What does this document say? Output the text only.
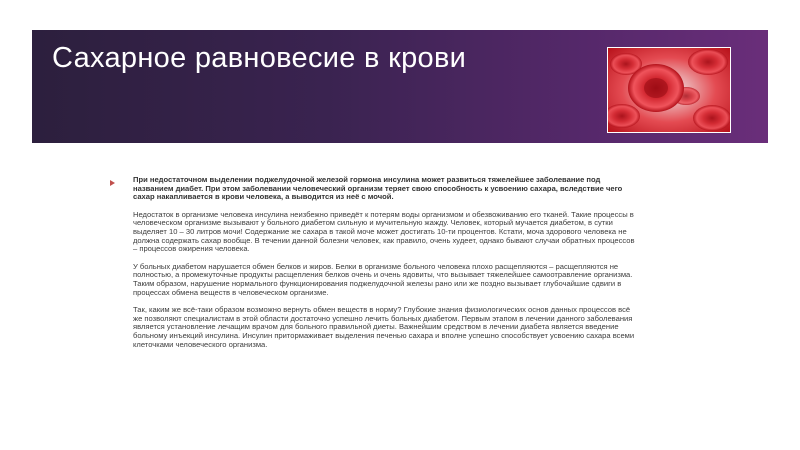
Сахарное равновесие в крови

При недостаточном выделении поджелудочной железой гормона инсулина может развиться тяжелейшее заболевание под названием диабет. При этом заболевании человеческий организм теряет свою способность к усвоению сахара, вследствие чего сахар накапливается в крови человека, а выводится из неё с мочой.

Недостаток в организме человека инсулина неизбежно приведёт к потерям воды организмом и обезвоживанию его тканей. Такие процессы в человеческом организме вызывают у больного диабетом сильную и мучительную жажду. Человек, который мучается диабетом, в сутки выделяет 10 – 30 литров мочи! Содержание же сахара в такой моче может достигать 10-ти процентов. Кстати, моча здорового человека не должна содержать сахар вообще. В течении данной болезни человек, как правило, очень худеет, однако бывают случаи обратных процессов – процессов ожирения человека.

У больных диабетом нарушается обмен белков и жиров. Белки в организме больного человека плохо расщепляются – расщепляются не полностью, а промежуточные продукты расщепления белков очень и очень ядовиты, что вызывает тяжелейшее самоотравление организма. Таким образом, нарушение нормального функционирования поджелудочной железы рано или же поздно вызывает глубочайшие сдвиги в процессах обмена веществ в человеческом организме.

Так, каким же всё-таки образом возможно вернуть обмен веществ в норму? Глубокие знания физиологических основ данных процессов всё же позволяют специалистам в этой области достаточно успешно лечить больных диабетом. Первым этапом в лечении данного заболевания является установление лечащим врачом для больного правильной диеты. Важнейшим средством в лечении диабета является введение больному инъекций инсулина. Инсулин притормаживает выделения печенью сахара и вполне успешно способствует усвоению сахара всеми клеточками человеческого организма.
